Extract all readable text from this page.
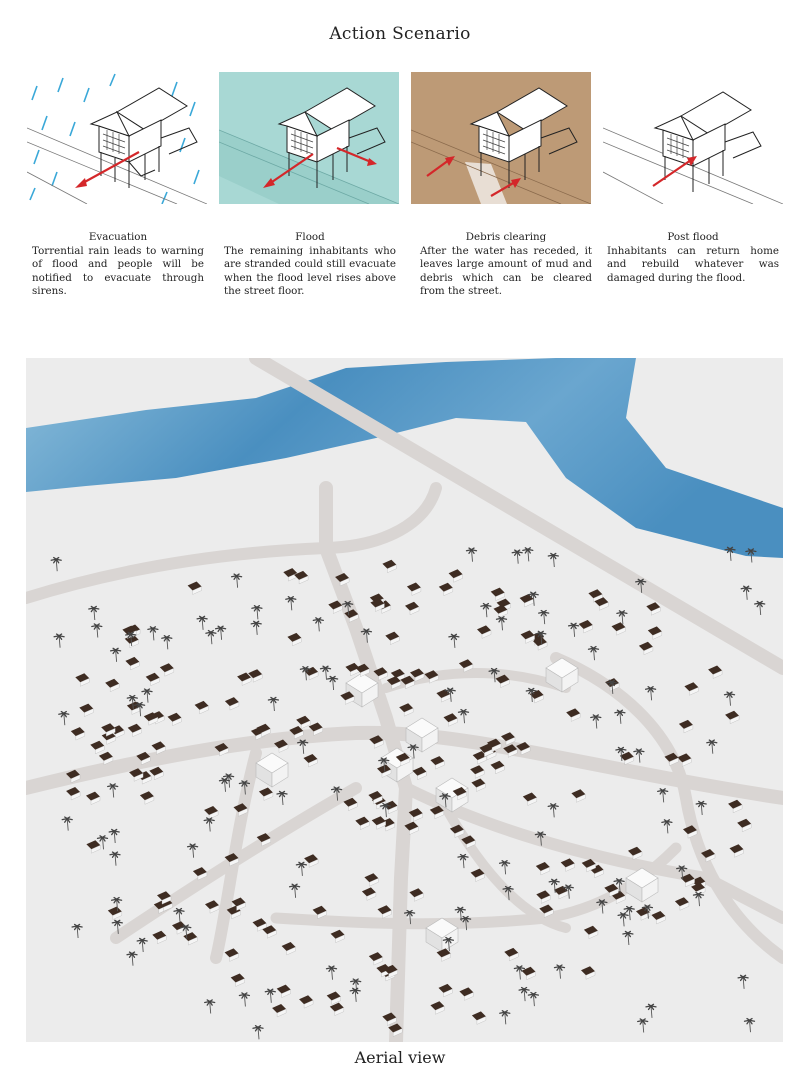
Action Scenario
Evacuation
Torrential rain leads to warning of flood and people will be notified to evacuate through sirens.
Flood
The remaining inhabitants who are stranded could still evacuate when the flood level rises above the street floor.
Debris clearing
After the water has receded, it leaves large amount of mud and debris which can be cleared from the street.
Post flood
Inhabitants can return home and rebuild whatever was damaged during the flood.
Aerial view
